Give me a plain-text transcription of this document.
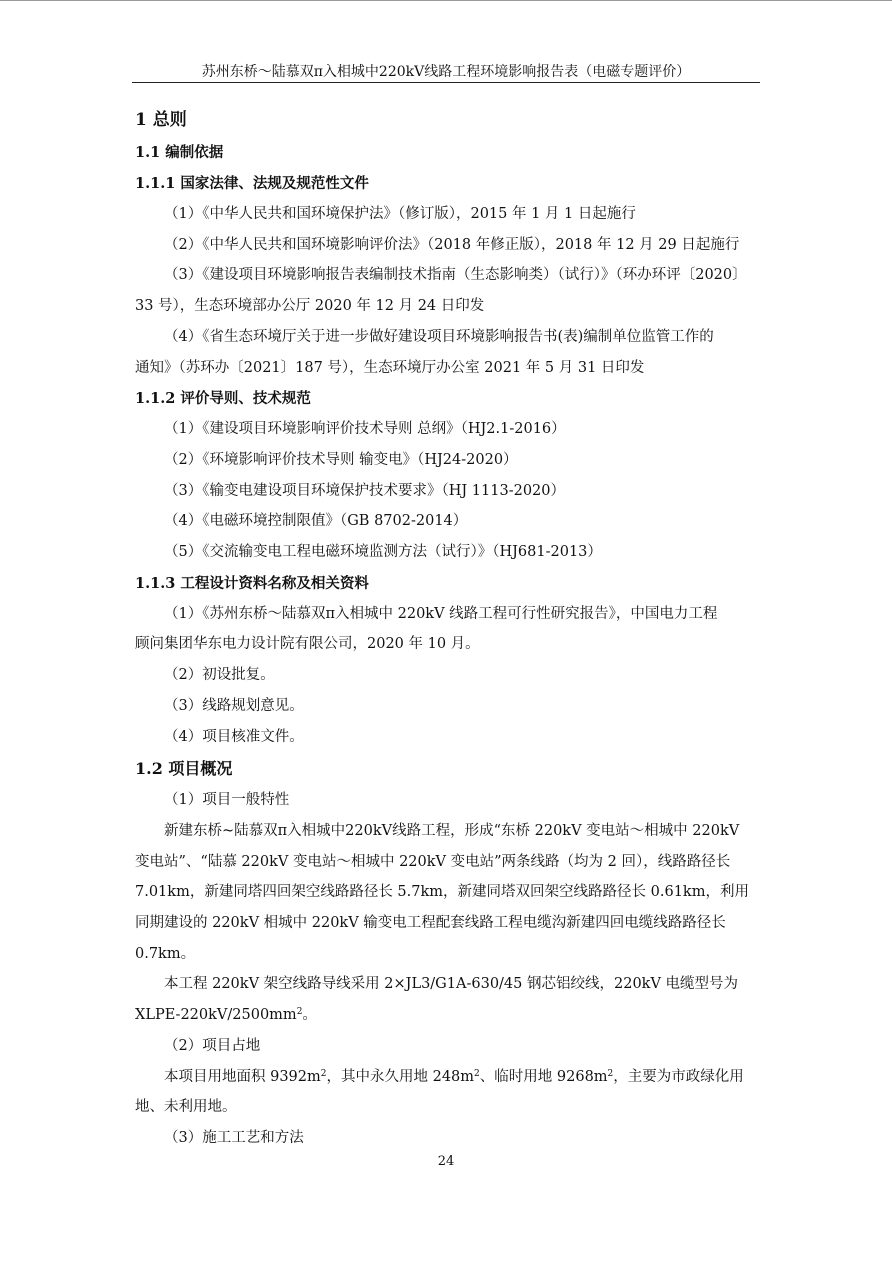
苏州东桥～陆慕双π入相城中220kV线路工程环境影响报告表（电磁专题评价）
1 总则
1.1 编制依据
1.1.1 国家法律、法规及规范性文件
（1）《中华人民共和国环境保护法》（修订版），2015 年 1 月 1 日起施行
（2）《中华人民共和国环境影响评价法》（2018 年修正版），2018 年 12 月 29 日起施行
（3）《建设项目环境影响报告表编制技术指南（生态影响类）（试行）》（环办环评〔2020〕
33 号），生态环境部办公厅 2020 年 12 月 24 日印发
（4）《省生态环境厅关于进一步做好建设项目环境影响报告书(表)编制单位监管工作的
通知》（苏环办〔2021〕187 号），生态环境厅办公室 2021 年 5 月 31 日印发
1.1.2 评价导则、技术规范
（1）《建设项目环境影响评价技术导则 总纲》（HJ2.1-2016）
（2）《环境影响评价技术导则 输变电》（HJ24-2020）
（3）《输变电建设项目环境保护技术要求》（HJ 1113-2020）
（4）《电磁环境控制限值》（GB 8702-2014）
（5）《交流输变电工程电磁环境监测方法（试行）》（HJ681-2013）
1.1.3 工程设计资料名称及相关资料
（1）《苏州东桥～陆慕双π入相城中 220kV 线路工程可行性研究报告》，中国电力工程
顾问集团华东电力设计院有限公司，2020 年 10 月。
（2）初设批复。
（3）线路规划意见。
（4）项目核准文件。
1.2 项目概况
（1）项目一般特性
新建东桥~陆慕双π入相城中220kV线路工程，形成“东桥 220kV 变电站～相城中 220kV
变电站”、“陆慕 220kV 变电站～相城中 220kV 变电站”两条线路（均为 2 回），线路路径长
7.01km，新建同塔四回架空线路路径长 5.7km，新建同塔双回架空线路路径长 0.61km，利用
同期建设的 220kV 相城中 220kV 输变电工程配套线路工程电缆沟新建四回电缆线路路径长
0.7km。
本工程 220kV 架空线路导线采用 2×JL3/G1A-630/45 钢芯铝绞线，220kV 电缆型号为
XLPE-$220kV/2500mm^2$。
（2）项目占地
本项目用地面积 $9392m^2$，其中永久用地 $248m^2$、临时用地 $9268m^2$，主要为市政绿化用
地、未利用地。
（3）施工工艺和方法
24
